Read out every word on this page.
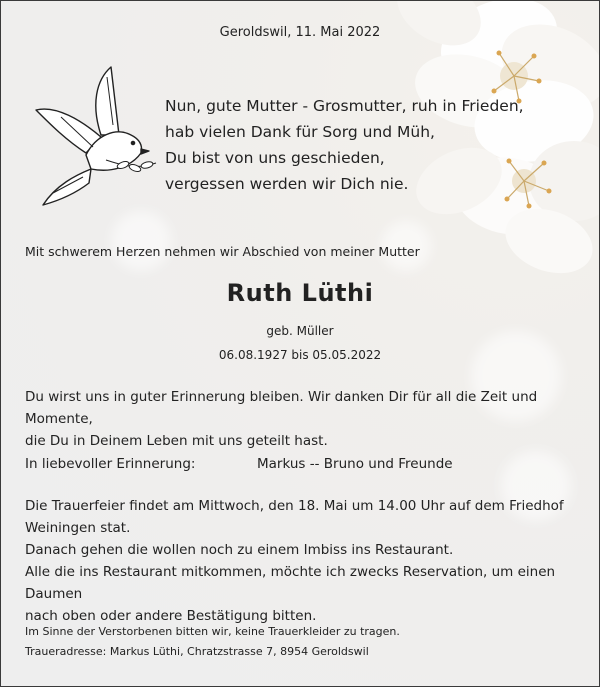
Geroldswil, 11. Mai 2022

Nun, gute Mutter - Grosmutter, ruh in Frieden,
hab vielen Dank für Sorg und Müh,
Du bist von uns geschieden,
vergessen werden wir Dich nie.

Mit schwerem Herzen nehmen wir Abschied von meiner Mutter

Ruth Lüthi

geb. Müller

06.08.1927 bis 05.05.2022

Du wirst uns in guter Erinnerung bleiben. Wir danken Dir für all die Zeit und Momente,
die Du in Deinem Leben mit uns geteilt hast.
In liebevoller Erinnerung:	Markus -- Bruno und Freunde
Die Trauerfeier findet am Mittwoch, den 18. Mai um 14.00 Uhr auf dem Friedhof
Weiningen stat.
Danach gehen die wollen noch zu einem Imbiss ins Restaurant.
Alle die ins Restaurant mitkommen, möchte ich zwecks Reservation, um einen Daumen
nach oben oder andere Bestätigung bitten.
Im Sinne der Verstorbenen bitten wir, keine Trauerkleider zu tragen.
Traueradresse: Markus Lüthi, Chratzstrasse 7, 8954 Geroldswil
